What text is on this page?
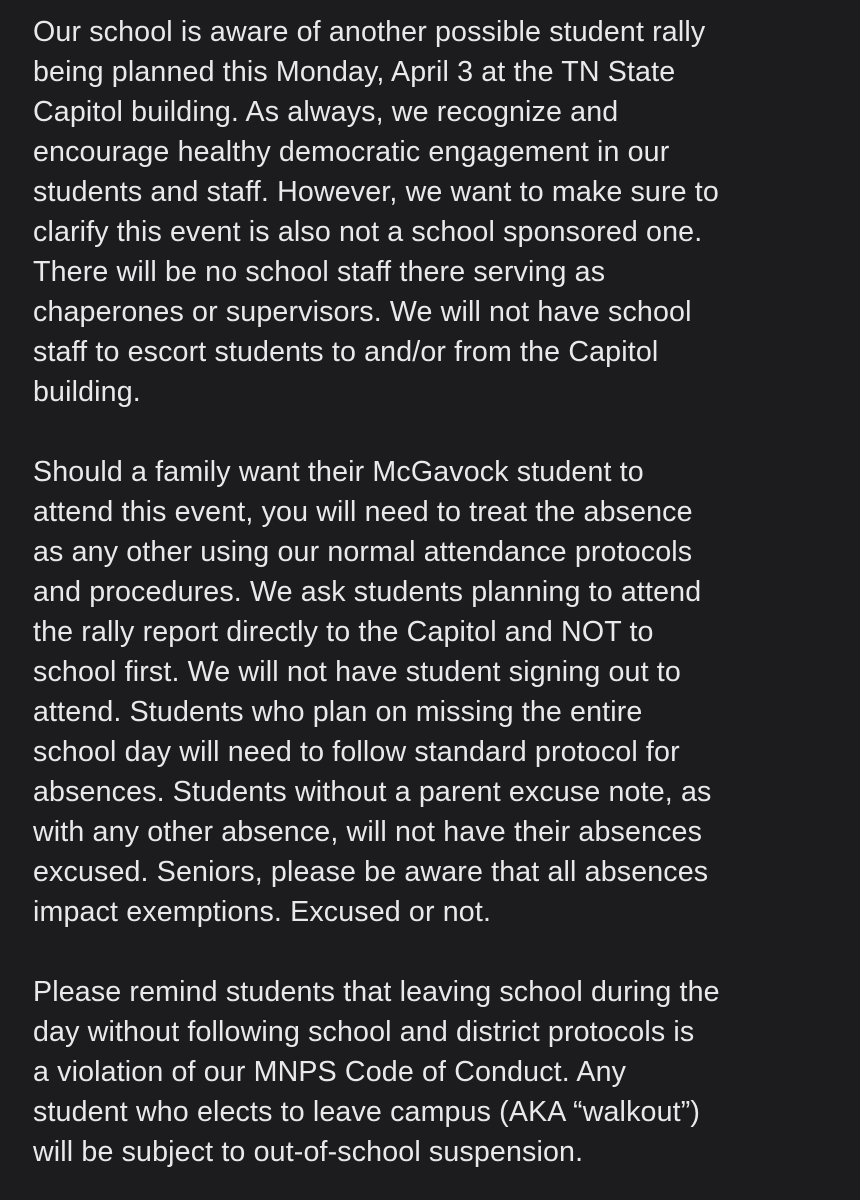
Our school is aware of another possible student rally
being planned this Monday, April 3 at the TN State
Capitol building. As always, we recognize and
encourage healthy democratic engagement in our
students and staff. However, we want to make sure to
clarify this event is also not a school sponsored one.
There will be no school staff there serving as
chaperones or supervisors. We will not have school
staff to escort students to and/or from the Capitol
building.

Should a family want their McGavock student to
attend this event, you will need to treat the absence
as any other using our normal attendance protocols
and procedures. We ask students planning to attend
the rally report directly to the Capitol and NOT to
school first. We will not have student signing out to
attend. Students who plan on missing the entire
school day will need to follow standard protocol for
absences. Students without a parent excuse note, as
with any other absence, will not have their absences
excused. Seniors, please be aware that all absences
impact exemptions. Excused or not.

Please remind students that leaving school during the
day without following school and district protocols is
a violation of our MNPS Code of Conduct. Any
student who elects to leave campus (AKA “walkout”)
will be subject to out-of-school suspension.
